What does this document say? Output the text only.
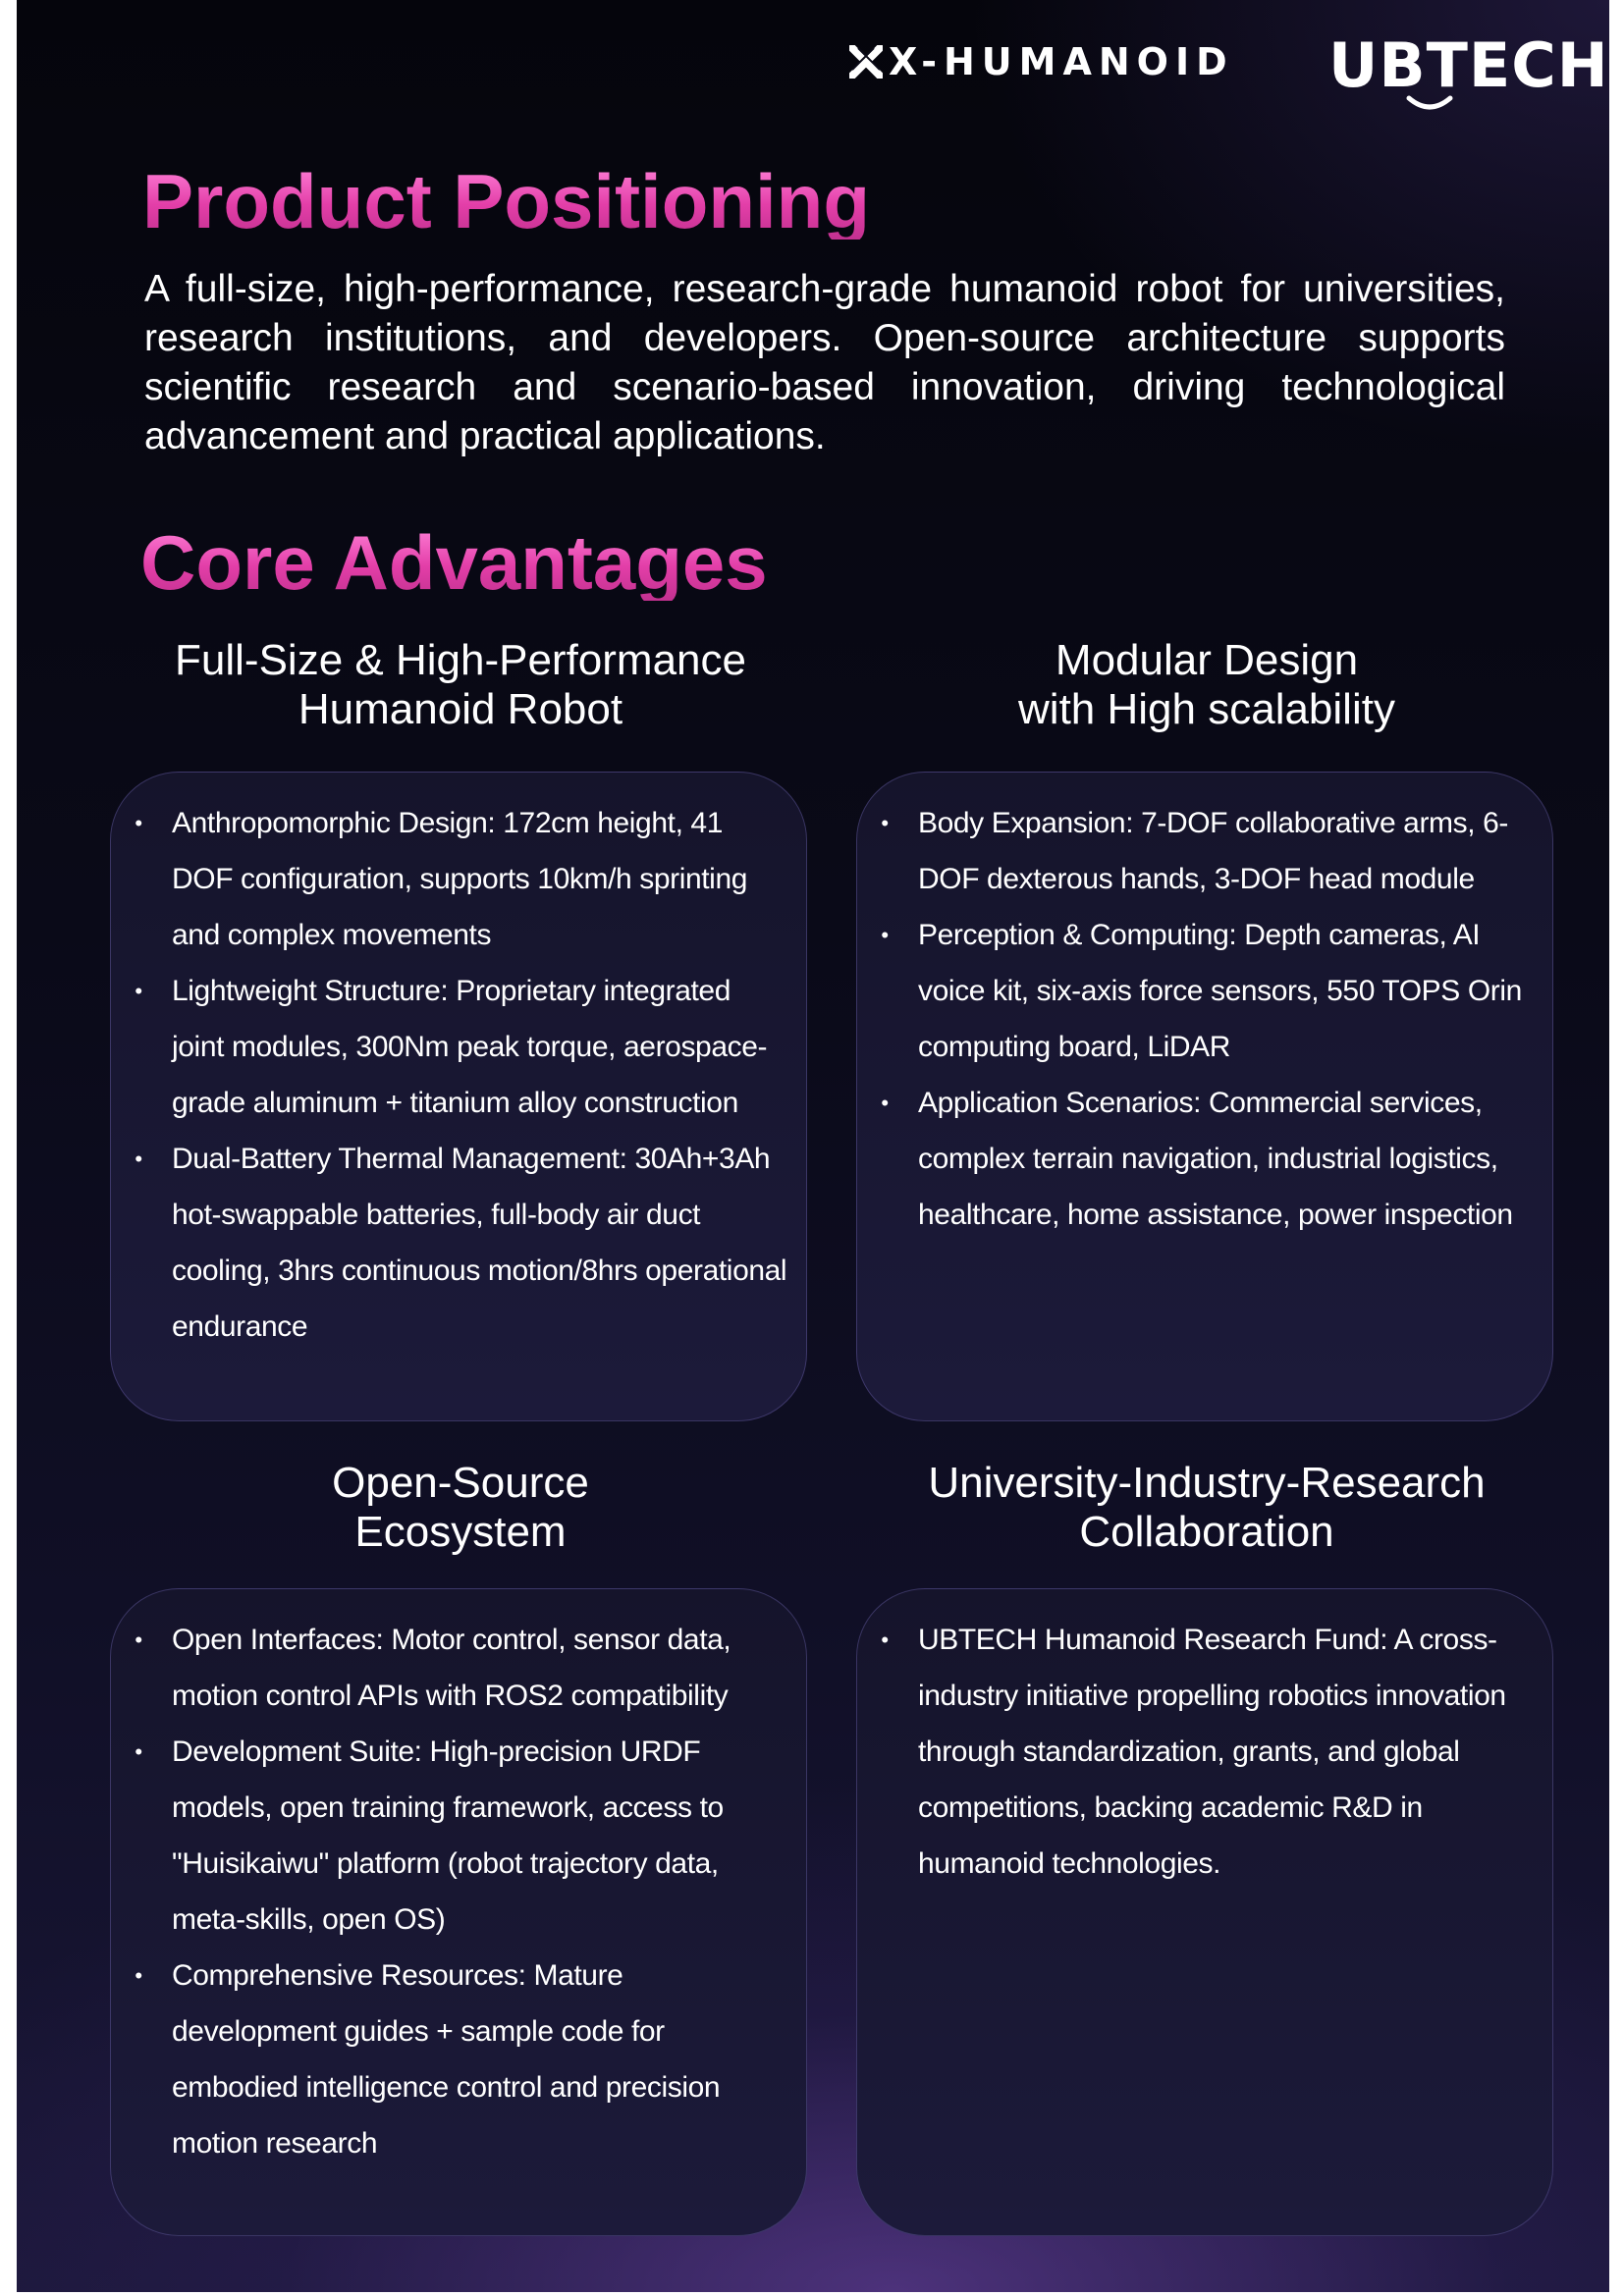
X-HUMANOID UBTECH
Product Positioning

A full-size, high-performance, research-grade humanoid robot for universities, research institutions, and developers. Open-source architecture supports scientific research and scenario-based innovation, driving technological advancement and practical applications.

Core Advantages
Full-Size & High-Performance
Humanoid Robot
• Anthropomorphic Design: 172cm height, 41 DOF configuration, supports 10km/h sprinting and complex movements
• Lightweight Structure: Proprietary integrated joint modules, 300Nm peak torque, aerospace-grade aluminum + titanium alloy construction
• Dual-Battery Thermal Management: 30Ah+3Ah hot-swappable batteries, full-body air duct cooling, 3hrs continuous motion/8hrs operational endurance
Modular Design
with High scalability
• Body Expansion: 7-DOF collaborative arms, 6-DOF dexterous hands, 3-DOF head module
• Perception & Computing: Depth cameras, AI voice kit, six-axis force sensors, 550 TOPS Orin computing board, LiDAR
• Application Scenarios: Commercial services, complex terrain navigation, industrial logistics, healthcare, home assistance, power inspection
Open-Source
Ecosystem
• Open Interfaces: Motor control, sensor data, motion control APIs with ROS2 compatibility
• Development Suite: High-precision URDF models, open training framework, access to "Huisikaiwu" platform (robot trajectory data, meta-skills, open OS)
• Comprehensive Resources: Mature development guides + sample code for embodied intelligence control and precision motion research
University-Industry-Research
Collaboration
• UBTECH Humanoid Research Fund: A cross-industry initiative propelling robotics innovation through standardization, grants, and global competitions, backing academic R&D in humanoid technologies.
